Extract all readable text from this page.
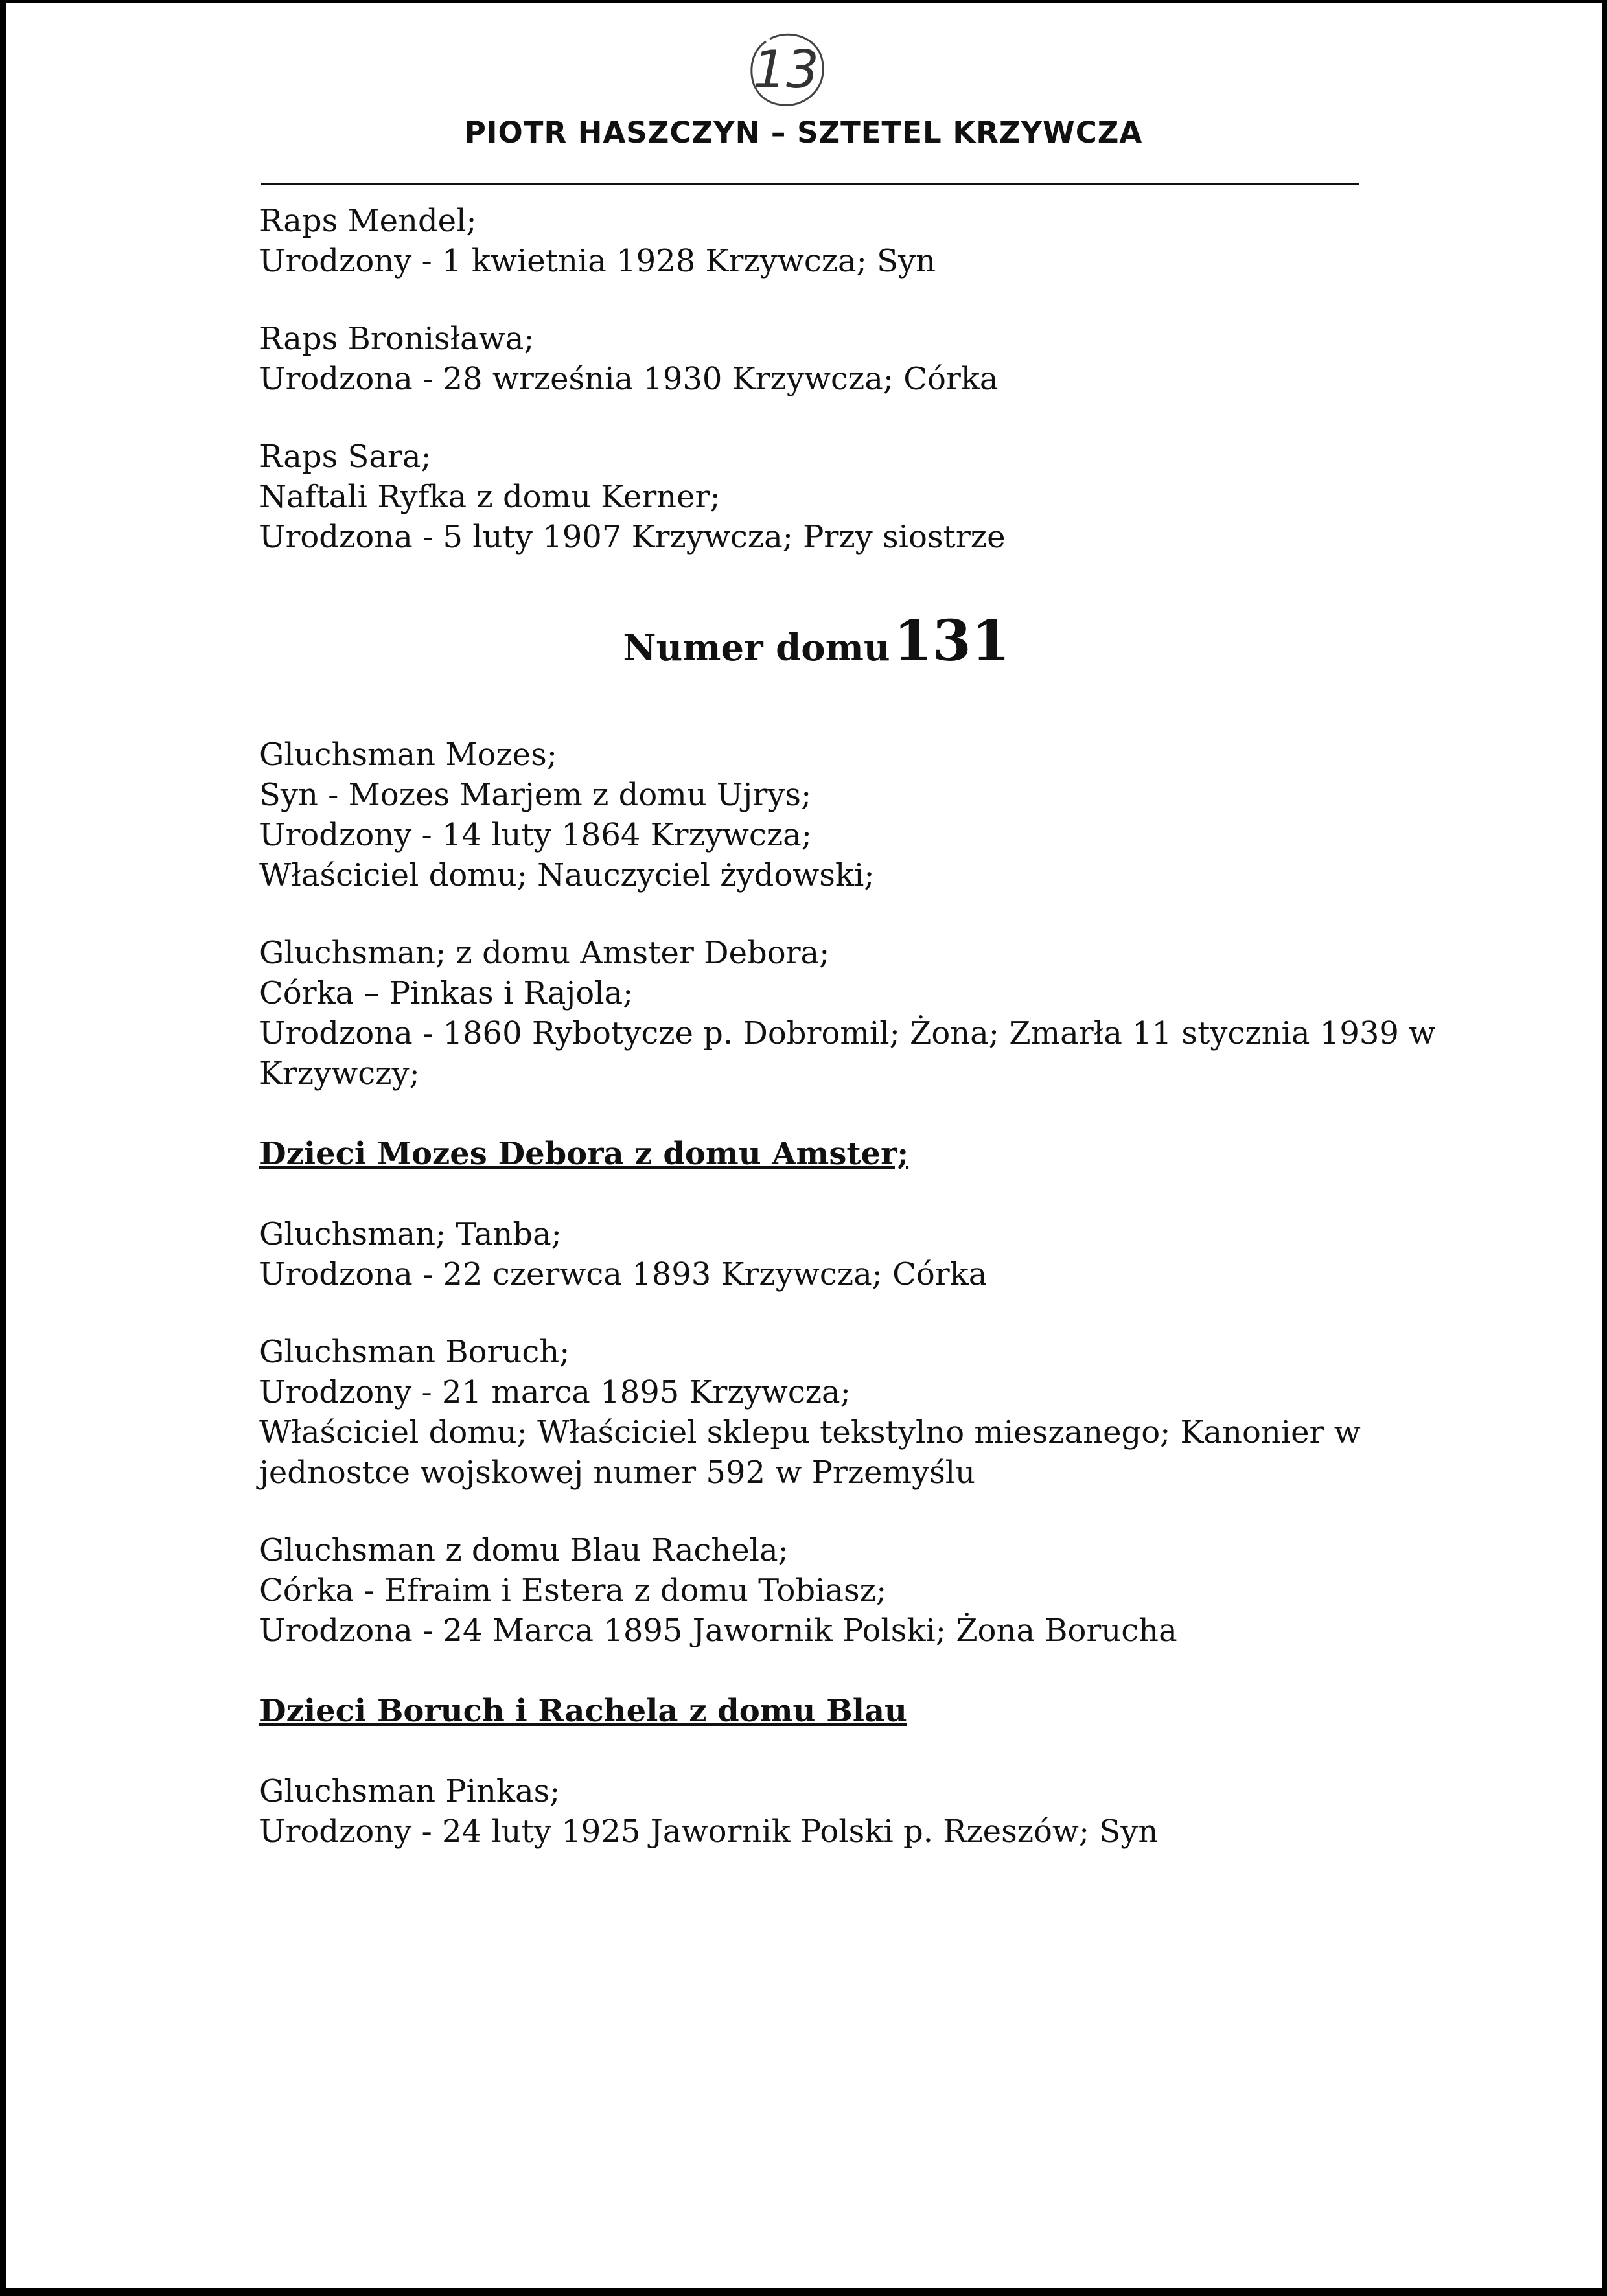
13
PIOTR HASZCZYN – SZTETEL KRZYWCZA
Raps Mendel;
Urodzony - 1 kwietnia 1928 Krzywcza; Syn
Raps Bronisława;
Urodzona - 28 września 1930 Krzywcza; Córka
Raps Sara;
Naftali Ryfka z domu Kerner;
Urodzona - 5 luty 1907 Krzywcza; Przy siostrze
Numer domu 131
Gluchsman Mozes;
Syn - Mozes Marjem z domu Ujrys;
Urodzony - 14 luty 1864 Krzywcza;
Właściciel domu; Nauczyciel żydowski;
Gluchsman; z domu Amster Debora;
Córka – Pinkas i Rajola;
Urodzona - 1860 Rybotycze p. Dobromil; Żona; Zmarła 11 stycznia 1939 w
Krzywczy;
Dzieci Mozes Debora z domu Amster;
Gluchsman; Tanba;
Urodzona - 22 czerwca 1893 Krzywcza; Córka
Gluchsman Boruch;
Urodzony - 21 marca 1895 Krzywcza;
Właściciel domu; Właściciel sklepu tekstylno mieszanego; Kanonier w
jednostce wojskowej numer 592 w Przemyślu
Gluchsman z domu Blau Rachela;
Córka - Efraim i Estera z domu Tobiasz;
Urodzona - 24 Marca 1895 Jawornik Polski; Żona Borucha
Dzieci Boruch i Rachela z domu Blau
Gluchsman Pinkas;
Urodzony - 24 luty 1925 Jawornik Polski p. Rzeszów; Syn
